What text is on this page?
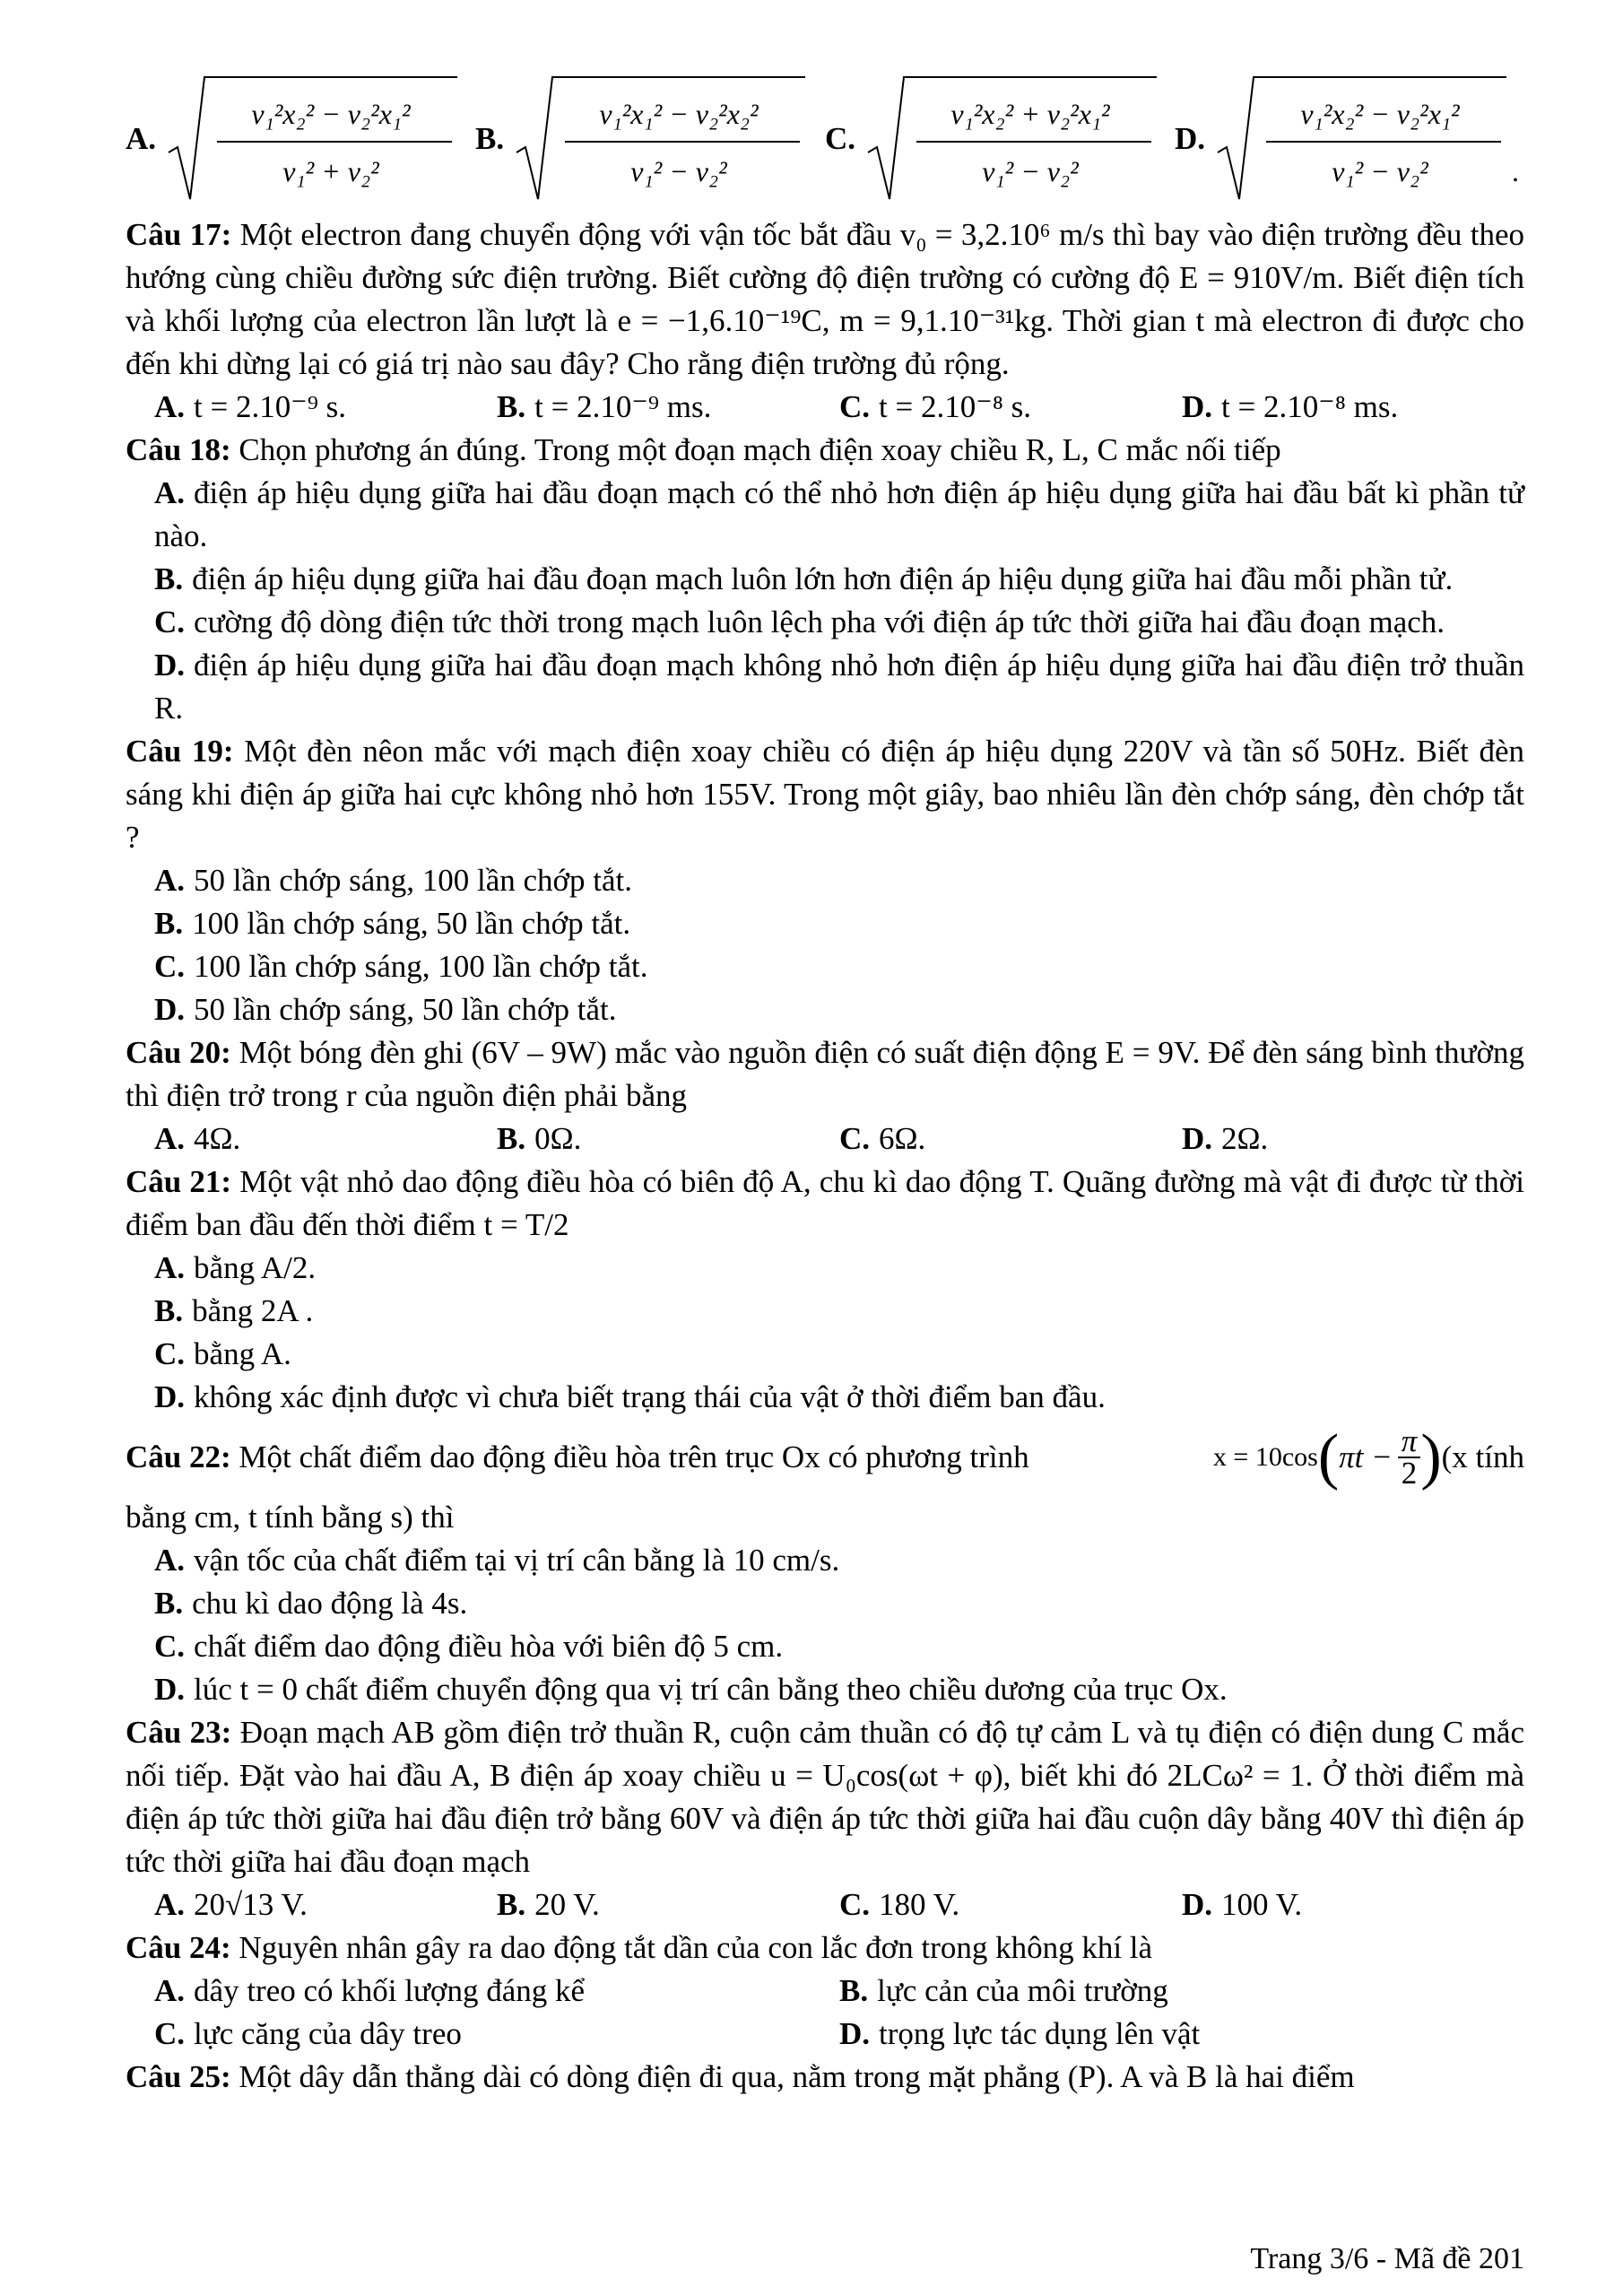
A.
v₁²x₂² − v₂²x₁²
v₁² + v₂²
B.
v₁²x₁² − v₂²x₂²
v₁² − v₂²
C.
v₁²x₂² + v₂²x₁²
v₁² − v₂²
D.
v₁²x₂² − v₂²x₁²
v₁² − v₂²	.

Câu 17: Một electron đang chuyển động với vận tốc bắt đầu v₀ = 3,2.10⁶ m/s thì bay vào điện trường đều theo hướng cùng chiều đường sức điện trường. Biết cường độ điện trường có cường độ E = 910V/m. Biết điện tích và khối lượng của electron lần lượt là e = −1,6.10⁻¹⁹C, m = 9,1.10⁻³¹kg. Thời gian t mà electron đi được cho đến khi dừng lại có giá trị nào sau đây? Cho rằng điện trường đủ rộng.

A. t = 2.10⁻⁹ s.	B. t = 2.10⁻⁹ ms.	C. t = 2.10⁻⁸ s.	D. t = 2.10⁻⁸ ms.

Câu 18: Chọn phương án đúng. Trong một đoạn mạch điện xoay chiều R, L, C mắc nối tiếp

A. điện áp hiệu dụng giữa hai đầu đoạn mạch có thể nhỏ hơn điện áp hiệu dụng giữa hai đầu bất kì phần tử nào.
B. điện áp hiệu dụng giữa hai đầu đoạn mạch luôn lớn hơn điện áp hiệu dụng giữa hai đầu mỗi phần tử.
C. cường độ dòng điện tức thời trong mạch luôn lệch pha với điện áp tức thời giữa hai đầu đoạn mạch.
D. điện áp hiệu dụng giữa hai đầu đoạn mạch không nhỏ hơn điện áp hiệu dụng giữa hai đầu điện trở thuần R.

Câu 19: Một đèn nêon mắc với mạch điện xoay chiều có điện áp hiệu dụng 220V và tần số 50Hz. Biết đèn sáng khi điện áp giữa hai cực không nhỏ hơn 155V. Trong một giây, bao nhiêu lần đèn chớp sáng, đèn chớp tắt ?

A. 50 lần chớp sáng, 100 lần chớp tắt.
B. 100 lần chớp sáng, 50 lần chớp tắt.
C. 100 lần chớp sáng, 100 lần chớp tắt.
D. 50 lần chớp sáng, 50 lần chớp tắt.

Câu 20: Một bóng đèn ghi (6V – 9W) mắc vào nguồn điện có suất điện động E = 9V. Để đèn sáng bình thường thì điện trở trong r của nguồn điện phải bằng

A. 4Ω.	B. 0Ω.	C. 6Ω.	D. 2Ω.

Câu 21: Một vật nhỏ dao động điều hòa có biên độ A, chu kì dao động T. Quãng đường mà vật đi được từ thời điểm ban đầu đến thời điểm t = T/2

A. bằng A/2.
B. bằng 2A .
C. bằng A.
D. không xác định được vì chưa biết trạng thái của vật ở thời điểm ban đầu.
Câu 22: Một chất điểm dao động điều hòa trên trục Ox có phương trình	x = 10cos ( $\pi t - \frac{\pi}{2}$ ) (x tính

bằng cm, t tính bằng s) thì

A. vận tốc của chất điểm tại vị trí cân bằng là 10 cm/s.
B. chu kì dao động là 4s.
C. chất điểm dao động điều hòa với biên độ 5 cm.
D. lúc t = 0 chất điểm chuyển động qua vị trí cân bằng theo chiều dương của trục Ox.

Câu 23: Đoạn mạch AB gồm điện trở thuần R, cuộn cảm thuần có độ tự cảm L và tụ điện có điện dung C mắc nối tiếp. Đặt vào hai đầu A, B điện áp xoay chiều u = U₀cos(ωt + φ), biết khi đó 2LCω² = 1. Ở thời điểm mà điện áp tức thời giữa hai đầu điện trở bằng 60V và điện áp tức thời giữa hai đầu cuộn dây bằng 40V thì điện áp tức thời giữa hai đầu đoạn mạch

A. 20√13 V.	B. 20 V.	C. 180 V.	D. 100 V.

Câu 24: Nguyên nhân gây ra dao động tắt dần của con lắc đơn trong không khí là

A. dây treo có khối lượng đáng kể	B. lực cản của môi trường
C. lực căng của dây treo	D. trọng lực tác dụng lên vật

Câu 25: Một dây dẫn thẳng dài có dòng điện đi qua, nằm trong mặt phẳng (P). A và B là hai điểm

Trang 3/6 - Mã đề 201
